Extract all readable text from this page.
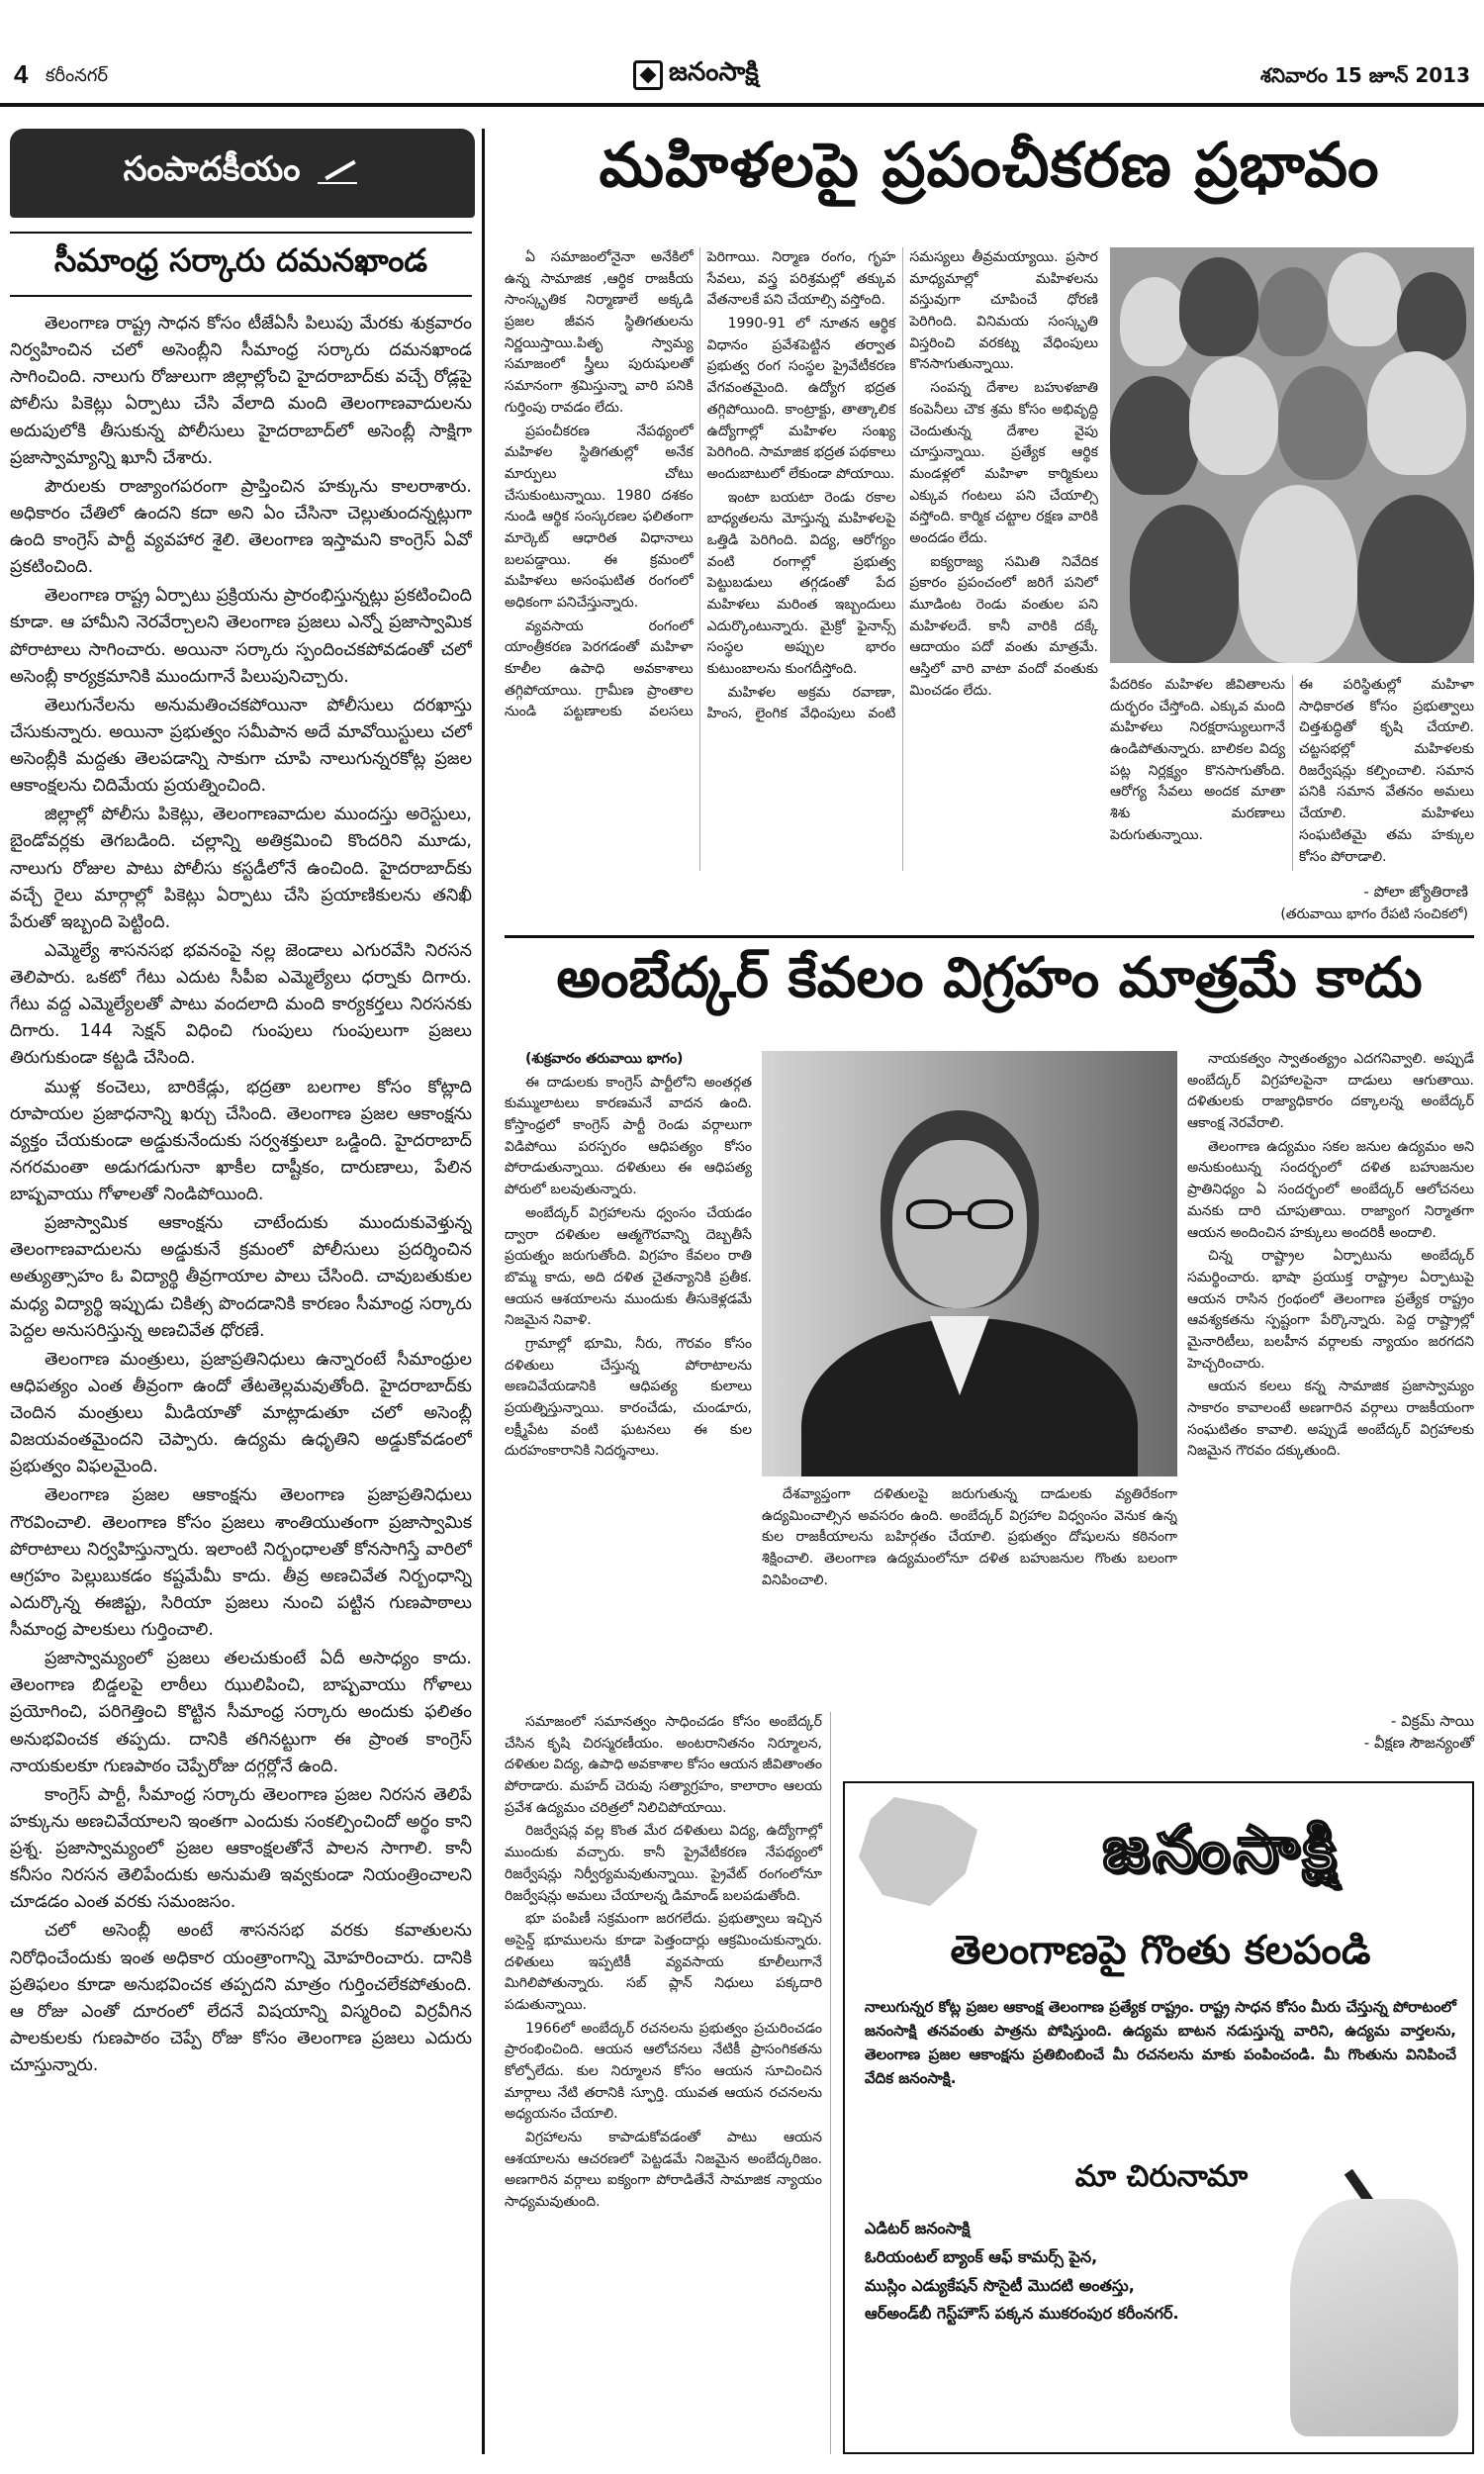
4 కరీంనగర్	జనంసాక్షి	శనివారం 15 జూన్ 2013
సంపాదకీయం
సీమాంధ్ర సర్కారు దమనఖాండ

తెలంగాణ రాష్ట్ర సాధన కోసం టీజేఏసీ పిలుపు మేరకు శుక్రవారం నిర్వహించిన చలో అసెంబ్లీని సీమాంధ్ర సర్కారు దమనఖాండ సాగించింది. నాలుగు రోజులుగా జిల్లాల్లోంచి హైదరాబాద్‌కు వచ్చే రోడ్లపై పోలీసు పికెట్లు ఏర్పాటు చేసి వేలాది మంది తెలంగాణవాదులను అదుపులోకి తీసుకున్న పోలీసులు హైదరాబాద్‌లో అసెంబ్లీ సాక్షిగా ప్రజాస్వామ్యాన్ని ఖూనీ చేశారు.

పౌరులకు రాజ్యాంగపరంగా ప్రాప్తించిన హక్కును కాలరాశారు. అధికారం చేతిలో ఉందని కదా అని ఏం చేసినా చెల్లుతుందన్నట్లుగా ఉంది కాంగ్రెస్ పార్టీ వ్యవహార శైలి. తెలంగాణ ఇస్తామని కాంగ్రెస్ ఏవో ప్రకటించింది.

తెలంగాణ రాష్ట్ర ఏర్పాటు ప్రక్రియను ప్రారంభిస్తున్నట్లు ప్రకటించింది కూడా. ఆ హామీని నెరవేర్చాలని తెలంగాణ ప్రజలు ఎన్నో ప్రజాస్వామిక పోరాటాలు సాగించారు. అయినా సర్కారు స్పందించకపోవడంతో చలో అసెంబ్లీ కార్యక్రమానికి ముందుగానే పిలుపునిచ్చారు.

తెలుగునేలను అనుమతించకపోయినా పోలీసులు దరఖాస్తు చేసుకున్నారు. అయినా ప్రభుత్వం సమీపాన అదే మావోయిస్టులు చలో అసెంబ్లీకి మద్దతు తెలపడాన్ని సాకుగా చూపి నాలుగున్నరకోట్ల ప్రజల ఆకాంక్షలను చిదిమేయ ప్రయత్నించింది.

జిల్లాల్లో పోలీసు పికెట్లు, తెలంగాణవాదుల ముందస్తు అరెస్టులు, బైండోవర్లకు తెగబడింది. చల్లాన్ని అతిక్రమించి కొందరిని మూడు, నాలుగు రోజుల పాటు పోలీసు కస్టడీలోనే ఉంచింది. హైదరాబాద్‌కు వచ్చే రైలు మార్గాల్లో పికెట్లు ఏర్పాటు చేసి ప్రయాణికులను తనిఖీ పేరుతో ఇబ్బంది పెట్టింది.

ఎమ్మెల్యే శాసనసభ భవనంపై నల్ల జెండాలు ఎగురవేసి నిరసన తెలిపారు. ఒకటో గేటు ఎదుట సీపీఐ ఎమ్మెల్యేలు ధర్నాకు దిగారు. గేటు వద్ద ఎమ్మెల్యేలతో పాటు వందలాది మంది కార్యకర్తలు నిరసనకు దిగారు. 144 సెక్షన్ విధించి గుంపులు గుంపులుగా ప్రజలు తిరుగుకుండా కట్టడి చేసింది.

ముళ్ల కంచెలు, బారికేడ్లు, భద్రతా బలగాల కోసం కోట్లాది రూపాయల ప్రజాధనాన్ని ఖర్చు చేసింది. తెలంగాణ ప్రజల ఆకాంక్షను వ్యక్తం చేయకుండా అడ్డుకునేందుకు సర్వశక్తులూ ఒడ్డింది. హైదరాబాద్ నగరమంతా అడుగడుగునా ఖాకీల దాష్టీకం, దారుణాలు, పేలిన బాష్పవాయు గోళాలతో నిండిపోయింది.

ప్రజాస్వామిక ఆకాంక్షను చాటేందుకు ముందుకువెళ్తున్న తెలంగాణవాదులను అడ్డుకునే క్రమంలో పోలీసులు ప్రదర్శించిన అత్యుత్సాహం ఓ విద్యార్థి తీవ్రగాయాల పాలు చేసింది. చావుబతుకుల మధ్య విద్యార్థి ఇప్పుడు చికిత్స పొందడానికి కారణం సీమాంధ్ర సర్కారు పెద్దల అనుసరిస్తున్న అణచివేత ధోరణే.

తెలంగాణ మంత్రులు, ప్రజాప్రతినిధులు ఉన్నారంటే సీమాంధ్రుల ఆధిపత్యం ఎంత తీవ్రంగా ఉందో తేటతెల్లమవుతోంది. హైదరాబాద్‌కు చెందిన మంత్రులు మీడియాతో మాట్లాడుతూ చలో అసెంబ్లీ విజయవంతమైందని చెప్పారు. ఉద్యమ ఉధృతిని అడ్డుకోవడంలో ప్రభుత్వం విఫలమైంది.

తెలంగాణ ప్రజల ఆకాంక్షను తెలంగాణ ప్రజాప్రతినిధులు గౌరవించాలి. తెలంగాణ కోసం ప్రజలు శాంతియుతంగా ప్రజాస్వామిక పోరాటాలు నిర్వహిస్తున్నారు. ఇలాంటి నిర్బంధాలతో కోనసాగిస్తే వారిలో ఆగ్రహం పెల్లుబుకడం కష్టమేమీ కాదు. తీవ్ర అణచివేత నిర్బంధాన్ని ఎదుర్కొన్న ఈజిప్టు, సిరియా ప్రజలు నుంచి పట్టిన గుణపాఠాలు సీమాంధ్ర పాలకులు గుర్తించాలి.

ప్రజాస్వామ్యంలో ప్రజలు తలచుకుంటే ఏదీ అసాధ్యం కాదు. తెలంగాణ బిడ్డలపై లాఠీలు ఝులిపించి, బాష్పవాయు గోళాలు ప్రయోగించి, పరిగెత్తించి కొట్టిన సీమాంధ్ర సర్కారు అందుకు ఫలితం అనుభవించక తప్పదు. దానికి తగినట్టుగా ఈ ప్రాంత కాంగ్రెస్ నాయకులకూ గుణపాఠం చెప్పేరోజు దగ్గర్లోనే ఉంది.

కాంగ్రెస్ పార్టీ, సీమాంధ్ర సర్కారు తెలంగాణ ప్రజల నిరసన తెలిపే హక్కును అణచివేయాలని ఇంతగా ఎందుకు సంకల్పించిందో అర్థం కాని ప్రశ్న. ప్రజాస్వామ్యంలో ప్రజల ఆకాంక్షలతోనే పాలన సాగాలి. కానీ కనీసం నిరసన తెలిపేందుకు అనుమతి ఇవ్వకుండా నియంత్రించాలని చూడడం ఎంత వరకు సమంజసం.

చలో అసెంబ్లీ అంటే శాసనసభ వరకు కవాతులను నిరోధించేందుకు ఇంత అధికార యంత్రాంగాన్ని మోహరించారు. దానికి ప్రతిఫలం కూడా అనుభవించక తప్పదని మాత్రం గుర్తించలేకపోతుంది. ఆ రోజు ఎంతో దూరంలో లేదనే విషయాన్ని విస్మరించి విర్రవీగిన పాలకులకు గుణపాఠం చెప్పే రోజు కోసం తెలంగాణ ప్రజలు ఎదురు చూస్తున్నారు.

మహిళలపై ప్రపంచీకరణ ప్రభావం

ఏ సమాజంలోనైనా అనేకిలో ఉన్న సామాజిక ,ఆర్థిక రాజకీయ సాంస్కృతిక నిర్మాణాలే అక్కడి ప్రజల జీవన స్థితిగతులను నిర్ణయిస్తాయి.పితృ స్వామ్య సమాజంలో స్త్రీలు పురుషులతో సమానంగా శ్రమిస్తున్నా వారి పనికి గుర్తింపు రావడం లేదు.

ప్రపంచీకరణ నేపథ్యంలో మహిళల స్థితిగతుల్లో అనేక మార్పులు చోటు చేసుకుంటున్నాయి. 1980 దశకం నుండి ఆర్థిక సంస్కరణల ఫలితంగా మార్కెట్ ఆధారిత విధానాలు బలపడ్డాయి. ఈ క్రమంలో మహిళలు అసంఘటిత రంగంలో అధికంగా పనిచేస్తున్నారు.

వ్యవసాయ రంగంలో యాంత్రీకరణ పెరగడంతో మహిళా కూలీల ఉపాధి అవకాశాలు తగ్గిపోయాయి. గ్రామీణ ప్రాంతాల నుండి పట్టణాలకు వలసలు పెరిగాయి. నిర్మాణ రంగం, గృహ సేవలు, వస్త్ర పరిశ్రమల్లో తక్కువ వేతనాలకే పని చేయాల్సి వస్తోంది.

1990-91 లో నూతన ఆర్థిక విధానం ప్రవేశపెట్టిన తర్వాత ప్రభుత్వ రంగ సంస్థల ప్రైవేటీకరణ వేగవంతమైంది. ఉద్యోగ భద్రత తగ్గిపోయింది. కాంట్రాక్టు, తాత్కాలిక ఉద్యోగాల్లో మహిళల సంఖ్య పెరిగింది. సామాజిక భద్రత పథకాలు అందుబాటులో లేకుండా పోయాయి.

ఇంటా బయటా రెండు రకాల బాధ్యతలను మోస్తున్న మహిళలపై ఒత్తిడి పెరిగింది. విద్య, ఆరోగ్యం వంటి రంగాల్లో ప్రభుత్వ పెట్టుబడులు తగ్గడంతో పేద మహిళలు మరింత ఇబ్బందులు ఎదుర్కొంటున్నారు. మైక్రో ఫైనాన్స్ సంస్థల అప్పుల భారం కుటుంబాలను కుంగదీస్తోంది.

మహిళల అక్రమ రవాణా, హింస, లైంగిక వేధింపులు వంటి సమస్యలు తీవ్రమయ్యాయి. ప్రసార మాధ్యమాల్లో మహిళలను వస్తువుగా చూపించే ధోరణి పెరిగింది. వినిమయ సంస్కృతి విస్తరించి వరకట్న వేధింపులు కొనసాగుతున్నాయి.

సంపన్న దేశాల బహుళజాతి కంపెనీలు చౌక శ్రమ కోసం అభివృద్ధి చెందుతున్న దేశాల వైపు చూస్తున్నాయి. ప్రత్యేక ఆర్థిక మండళ్లలో మహిళా కార్మికులు ఎక్కువ గంటలు పని చేయాల్సి వస్తోంది. కార్మిక చట్టాల రక్షణ వారికి అందడం లేదు.

ఐక్యరాజ్య సమితి నివేదిక ప్రకారం ప్రపంచంలో జరిగే పనిలో మూడింట రెండు వంతుల పని మహిళలదే. కానీ వారికి దక్కే ఆదాయం పదో వంతు మాత్రమే. ఆస్తిలో వారి వాటా వందో వంతుకు మించడం లేదు.	పేదరికం మహిళల జీవితాలను దుర్భరం చేస్తోంది. ఎక్కువ మంది మహిళలు నిరక్షరాస్యులుగానే ఉండిపోతున్నారు. బాలికల విద్య పట్ల నిర్లక్ష్యం కొనసాగుతోంది. ఆరోగ్య సేవలు అందక మాతా శిశు మరణాలు పెరుగుతున్నాయి.

ఈ పరిస్థితుల్లో మహిళా సాధికారత కోసం ప్రభుత్వాలు చిత్తశుద్ధితో కృషి చేయాలి. చట్టసభల్లో మహిళలకు రిజర్వేషన్లు కల్పించాలి. సమాన పనికి సమాన వేతనం అమలు చేయాలి. మహిళలు సంఘటితమై తమ హక్కుల కోసం పోరాడాలి.

- పోలా జ్యోతిరాణి
(తరువాయి భాగం రేపటి సంచికలో)
అంబేద్కర్ కేవలం విగ్రహం మాత్రమే కాదు

(శుక్రవారం తరువాయి భాగం)

ఈ దాడులకు కాంగ్రెస్ పార్టీలోని అంతర్గత కుమ్ములాటలు కారణమనే వాదన ఉంది. కోస్తాంధ్రలో కాంగ్రెస్ పార్టీ రెండు వర్గాలుగా విడిపోయి పరస్పరం ఆధిపత్యం కోసం పోరాడుతున్నాయి. దళితులు ఈ ఆధిపత్య పోరులో బలవుతున్నారు.

అంబేద్కర్ విగ్రహాలను ధ్వంసం చేయడం ద్వారా దళితుల ఆత్మగౌరవాన్ని దెబ్బతీసే ప్రయత్నం జరుగుతోంది. విగ్రహం కేవలం రాతి బొమ్మ కాదు, అది దళిత చైతన్యానికి ప్రతీక. ఆయన ఆశయాలను ముందుకు తీసుకెళ్లడమే నిజమైన నివాళి.

గ్రామాల్లో భూమి, నీరు, గౌరవం కోసం దళితులు చేస్తున్న పోరాటాలను అణచివేయడానికి ఆధిపత్య కులాలు ప్రయత్నిస్తున్నాయి. కారంచేడు, చుండూరు, లక్ష్మీపేట వంటి ఘటనలు ఈ కుల దురహంకారానికి నిదర్శనాలు.

నాయకత్వం స్వాతంత్య్రం ఎదగనివ్వాలి. అప్పుడే అంబేద్కర్ విగ్రహాలపైనా దాడులు ఆగుతాయి. దళితులకు రాజ్యాధికారం దక్కాలన్న అంబేద్కర్ ఆకాంక్ష నెరవేరాలి.

తెలంగాణ ఉద్యమం సకల జనుల ఉద్యమం అని అనుకుంటున్న సందర్భంలో దళిత బహుజనుల ప్రాతినిధ్యం ఏ సందర్భంలో అంబేద్కర్ ఆలోచనలు మనకు దారి చూపుతాయి. రాజ్యాంగ నిర్మాతగా ఆయన అందించిన హక్కులు అందరికీ అందాలి.

చిన్న రాష్ట్రాల ఏర్పాటును అంబేద్కర్ సమర్థించారు. భాషా ప్రయుక్త రాష్ట్రాల ఏర్పాటుపై ఆయన రాసిన గ్రంథంలో తెలంగాణ ప్రత్యేక రాష్ట్రం ఆవశ్యకతను స్పష్టంగా పేర్కొన్నారు. పెద్ద రాష్ట్రాల్లో మైనారిటీలు, బలహీన వర్గాలకు న్యాయం జరగదని హెచ్చరించారు.

ఆయన కలలు కన్న సామాజిక ప్రజాస్వామ్యం సాకారం కావాలంటే అణగారిన వర్గాలు రాజకీయంగా సంఘటితం కావాలి. అప్పుడే అంబేద్కర్ విగ్రహాలకు నిజమైన గౌరవం దక్కుతుంది.

దేశవ్యాప్తంగా దళితులపై జరుగుతున్న దాడులకు వ్యతిరేకంగా ఉద్యమించాల్సిన అవసరం ఉంది. అంబేద్కర్ విగ్రహాల విధ్వంసం వెనుక ఉన్న కుల రాజకీయాలను బహిర్గతం చేయాలి. ప్రభుత్వం దోషులను కఠినంగా శిక్షించాలి. తెలంగాణ ఉద్యమంలోనూ దళిత బహుజనుల గొంతు బలంగా వినిపించాలి.

సమాజంలో సమానత్వం సాధించడం కోసం అంబేద్కర్ చేసిన కృషి చిరస్మరణీయం. అంటరానితనం నిర్మూలన, దళితుల విద్య, ఉపాధి అవకాశాల కోసం ఆయన జీవితాంతం పోరాడారు. మహద్ చెరువు సత్యాగ్రహం, కాలారాం ఆలయ ప్రవేశ ఉద్యమం చరిత్రలో నిలిచిపోయాయి.

రిజర్వేషన్ల వల్ల కొంత మేర దళితులు విద్య, ఉద్యోగాల్లో ముందుకు వచ్చారు. కానీ ప్రైవేటీకరణ నేపథ్యంలో రిజర్వేషన్లు నిర్వీర్యమవుతున్నాయి. ప్రైవేట్ రంగంలోనూ రిజర్వేషన్లు అమలు చేయాలన్న డిమాండ్ బలపడుతోంది.

భూ పంపిణీ సక్రమంగా జరగలేదు. ప్రభుత్వాలు ఇచ్చిన అసైన్డ్ భూములను కూడా పెత్తందార్లు ఆక్రమించుకున్నారు. దళితులు ఇప్పటికీ వ్యవసాయ కూలీలుగానే మిగిలిపోతున్నారు. సబ్ ప్లాన్ నిధులు పక్కదారి పడుతున్నాయి.

1966లో అంబేద్కర్ రచనలను ప్రభుత్వం ప్రచురించడం ప్రారంభించింది. ఆయన ఆలోచనలు నేటికీ ప్రాసంగికతను కోల్పోలేదు. కుల నిర్మూలన కోసం ఆయన సూచించిన మార్గాలు నేటి తరానికి స్ఫూర్తి. యువత ఆయన రచనలను అధ్యయనం చేయాలి.

విగ్రహాలను కాపాడుకోవడంతో పాటు ఆయన ఆశయాలను ఆచరణలో పెట్టడమే నిజమైన అంబేద్కరిజం. అణగారిన వర్గాలు ఐక్యంగా పోరాడితేనే సామాజిక న్యాయం సాధ్యమవుతుంది.

- విక్రమ్ సాయి
- వీక్షణ సౌజన్యంతో
జనంసాక్షి
తెలంగాణపై గొంతు కలపండి
నాలుగున్నర కోట్ల ప్రజల ఆకాంక్ష తెలంగాణ ప్రత్యేక రాష్ట్రం. రాష్ట్ర సాధన కోసం మీరు చేస్తున్న పోరాటంలో జనంసాక్షి తనవంతు పాత్రను పోషిస్తుంది. ఉద్యమ బాటన నడుస్తున్న వారిని, ఉద్యమ వార్తలను, తెలంగాణ ప్రజల ఆకాంక్షను ప్రతిబింబించే మీ రచనలను మాకు పంపించండి. మీ గొంతును వినిపించే వేదిక జనంసాక్షి.
మా చిరునామా
ఎడిటర్ జనంసాక్షి
ఓరియంటల్ బ్యాంక్ ఆఫ్ కామర్స్ పైన,
ముస్లిం ఎడ్యుకేషన్ సొసైటీ మొదటి అంతస్తు,
ఆర్‌అండ్‌బీ గెస్ట్‌హౌస్ పక్కన ముకరంపుర కరీంనగర్.
